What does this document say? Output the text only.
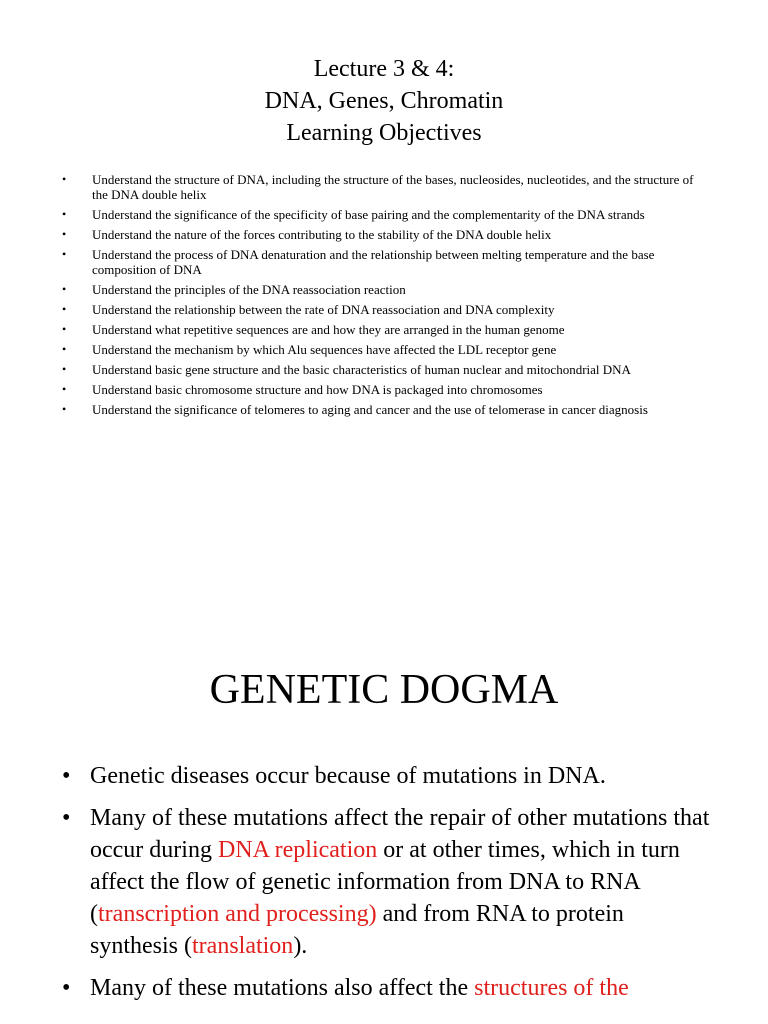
Lecture 3 & 4:
DNA, Genes, Chromatin
Learning Objectives
• Understand the structure of DNA, including the structure of the bases, nucleosides, nucleotides, and the structure of the DNA double helix
• Understand the significance of the specificity of base pairing and the complementarity of the DNA strands
• Understand the nature of the forces contributing to the stability of the DNA double helix
• Understand the process of DNA denaturation and the relationship between melting temperature and the base composition of DNA
• Understand the principles of the DNA reassociation reaction
• Understand the relationship between the rate of DNA reassociation and DNA complexity
• Understand what repetitive sequences are and how they are arranged in the human genome
• Understand the mechanism by which Alu sequences have affected the LDL receptor gene
• Understand basic gene structure and the basic characteristics of human nuclear and mitochondrial DNA
• Understand basic chromosome structure and how DNA is packaged into chromosomes
• Understand the significance of telomeres to aging and cancer and the use of telomerase in cancer diagnosis
GENETIC DOGMA
• Genetic diseases occur because of mutations in DNA.
• Many of these mutations affect the repair of other mutations that occur during DNA replication or at other times, which in turn affect the flow of genetic information from DNA to RNA (transcription and processing) and from RNA to protein synthesis (translation).
• Many of these mutations also affect the structures of the
